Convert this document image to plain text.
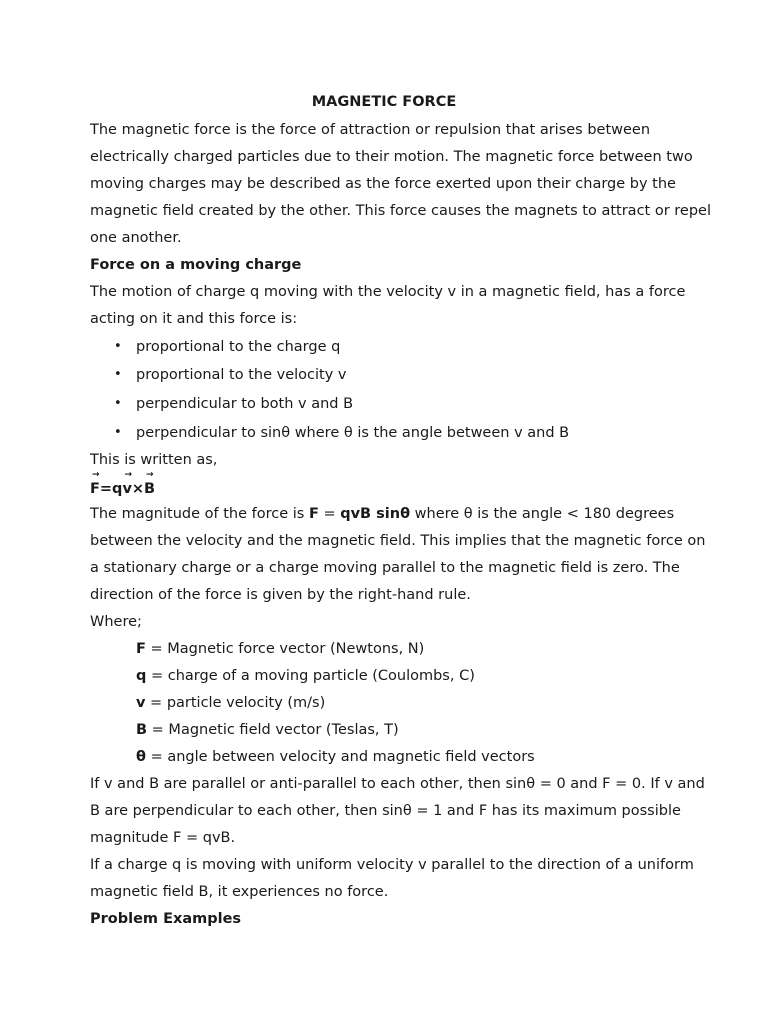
MAGNETIC FORCE
The magnetic force is the force of attraction or repulsion that arises between
electrically charged particles due to their motion. The magnetic force between two
moving charges may be described as the force exerted upon their charge by the
magnetic field created by the other. This force causes the magnets to attract or repel
one another.
Force on a moving charge
The motion of charge q moving with the velocity v in a magnetic field, has a force
acting on it and this force is:
• proportional to the charge q
• proportional to the velocity v
• perpendicular to both v and B
• perpendicular to sinθ where θ is the angle between v and B
This is written as,
F →=qv →×B →
The magnitude of the force is F = qvB sinθ where θ is the angle < 180 degrees
between the velocity and the magnetic field. This implies that the magnetic force on
a stationary charge or a charge moving parallel to the magnetic field is zero. The
direction of the force is given by the right-hand rule.
Where;
F = Magnetic force vector (Newtons, N)
q = charge of a moving particle (Coulombs, C)
v = particle velocity (m/s)
B = Magnetic field vector (Teslas, T)
θ = angle between velocity and magnetic field vectors
If v and B are parallel or anti-parallel to each other, then sinθ = 0 and F = 0. If v and
B are perpendicular to each other, then sinθ = 1 and F has its maximum possible
magnitude F = qvB.
If a charge q is moving with uniform velocity v parallel to the direction of a uniform
magnetic field B, it experiences no force.
Problem Examples
